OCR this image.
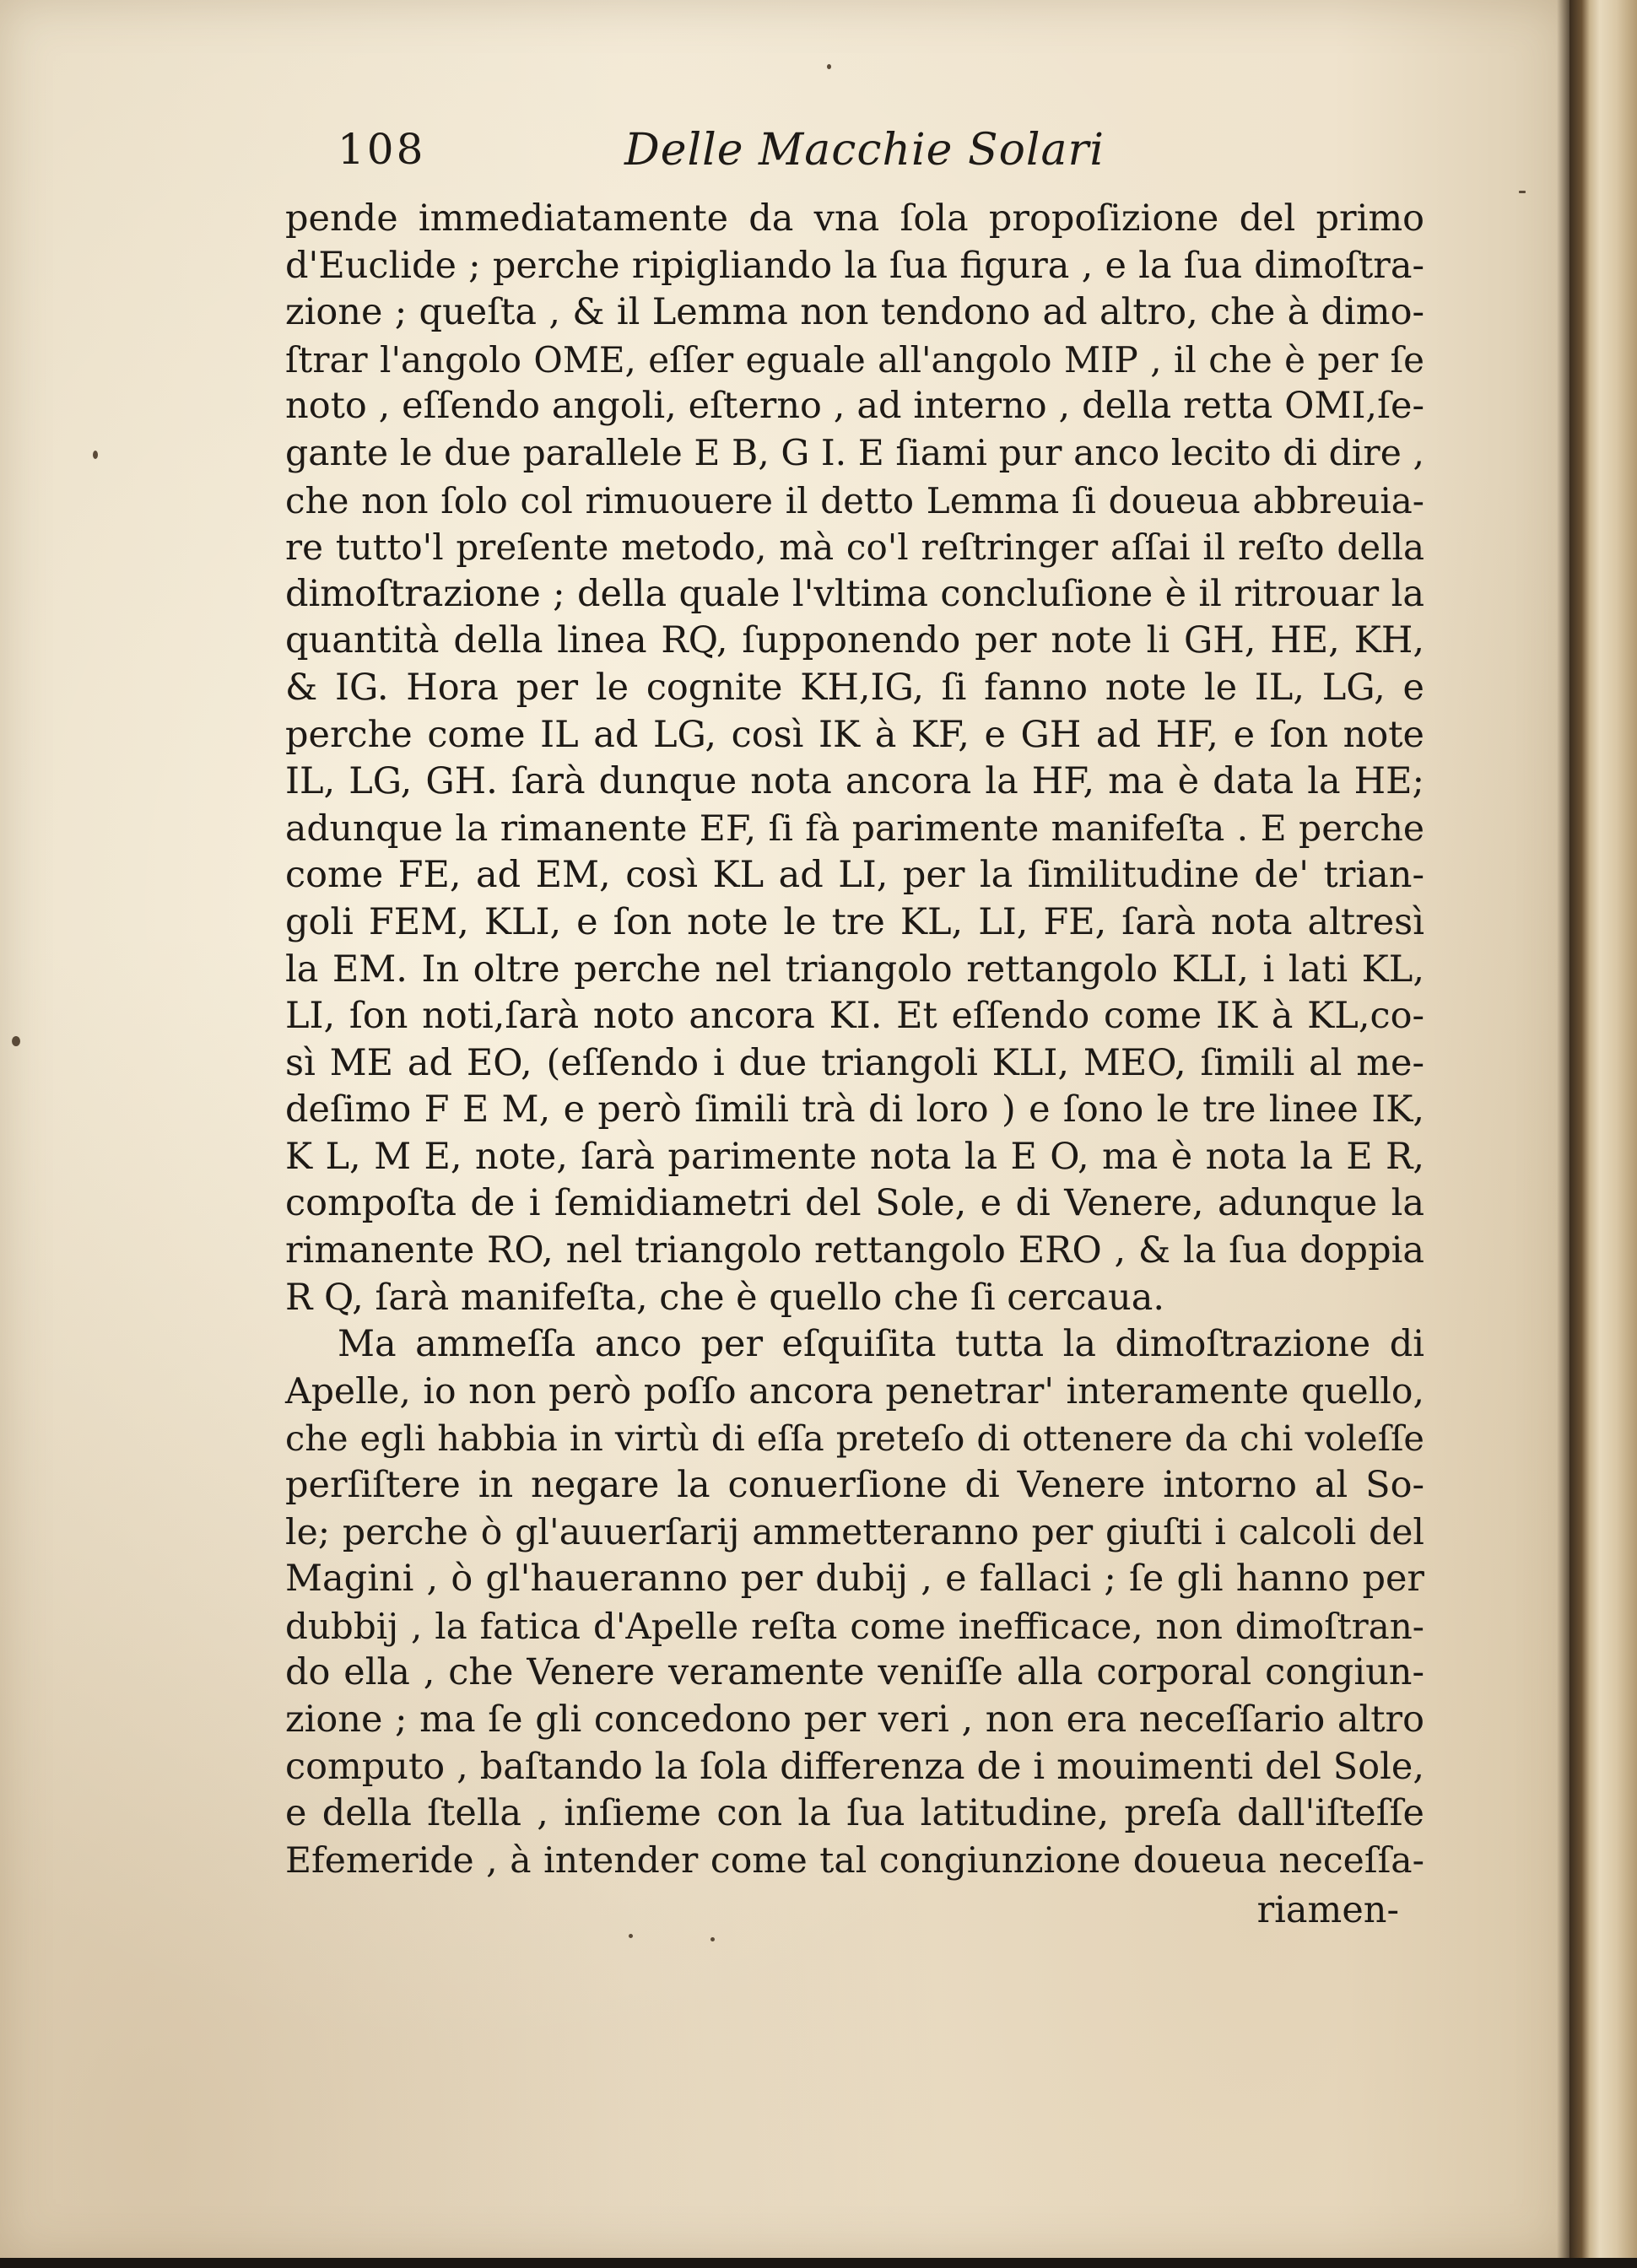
108	Delle Macchie Solari
pende immediatamente da vna ſola propoſizione del primo
d'Euclide ; perche ripigliando la ſua figura , e la ſua dimoſtra-
zione ; queſta , & il Lemma non tendono ad altro, che à dimo-
ſtrar l'angolo OME, eſſer eguale all'angolo MIP , il che è per ſe
noto , eſſendo angoli, eſterno , ad interno , della retta OMI,ſe-
gante le due parallele E B, G I. E ſiami pur anco lecito di dire ,
che non ſolo col rimuouere il detto Lemma ſi doueua abbreuia-
re tutto'l preſente metodo, mà co'l reſtringer aſſai il reſto della
dimoſtrazione ; della quale l'vltima concluſione è il ritrouar la
quantità della linea RQ, ſupponendo per note li GH, HE, KH,
& IG. Hora per le cognite KH,IG, ſi fanno note le IL, LG, e
perche come IL ad LG, così IK à KF, e GH ad HF, e ſon note
IL, LG, GH. ſarà dunque nota ancora la HF, ma è data la HE;
adunque la rimanente EF, ſi fà parimente manifeſta . E perche
come FE, ad EM, così KL ad LI, per la ſimilitudine de' trian-
goli FEM, KLI, e ſon note le tre KL, LI, FE, ſarà nota altresì
la EM. In oltre perche nel triangolo rettangolo KLI, i lati KL,
LI, ſon noti,ſarà noto ancora KI. Et eſſendo come IK à KL,co-
sì ME ad EO, (eſſendo i due triangoli KLI, MEO, ſimili al me-
deſimo F E M, e però ſimili trà di loro ) e ſono le tre linee IK,
K L, M E, note, ſarà parimente nota la E O, ma è nota la E R,
compoſta de i ſemidiametri del Sole, e di Venere, adunque la
rimanente RO, nel triangolo rettangolo ERO , & la ſua doppia
R Q, ſarà manifeſta, che è quello che ſi cercaua.
Ma ammeſſa anco per eſquiſita tutta la dimoſtrazione di
Apelle, io non però poſſo ancora penetrar' interamente quello,
che egli habbia in virtù di eſſa preteſo di ottenere da chi voleſſe
perſiſtere in negare la conuerſione di Venere intorno al So-
le; perche ò gl'auuerſarij ammetteranno per giuſti i calcoli del
Magini , ò gl'haueranno per dubij , e fallaci ; ſe gli hanno per
dubbij , la fatica d'Apelle reſta come inefficace, non dimoſtran-
do ella , che Venere veramente veniſſe alla corporal congiun-
zione ; ma ſe gli concedono per veri , non era neceſſario altro
computo , baſtando la ſola differenza de i mouimenti del Sole,
e della ſtella , inſieme con la ſua latitudine, preſa dall'iſteſſe
Efemeride , à intender come tal congiunzione doueua neceſſa-
riamen-
